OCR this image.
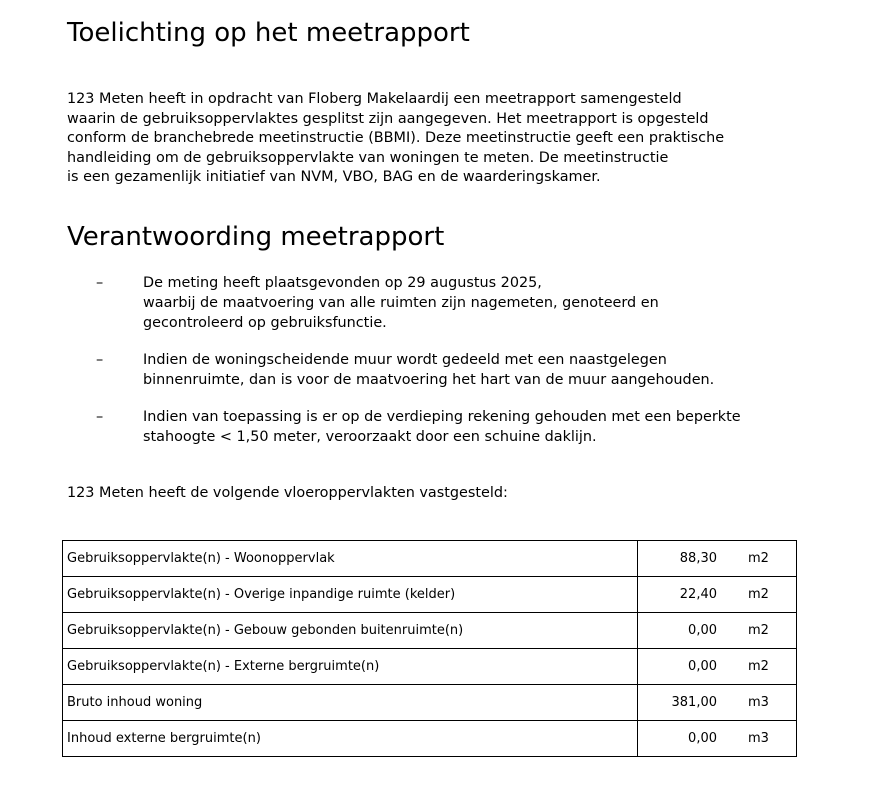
Toelichting op het meetrapport
123 Meten heeft in opdracht van Floberg Makelaardij een meetrapport samengesteld
waarin de gebruiksoppervlaktes gesplitst zijn aangegeven. Het meetrapport is opgesteld
conform de branchebrede meetinstructie (BBMI). Deze meetinstructie geeft een praktische
handleiding om de gebruiksoppervlakte van woningen te meten. De meetinstructie
is een gezamenlijk initiatief van NVM, VBO, BAG en de waarderingskamer.
Verantwoording meetrapport
–	De meting heeft plaatsgevonden op 29 augustus 2025,
waarbij de maatvoering van alle ruimten zijn nagemeten, genoteerd en
gecontroleerd op gebruiksfunctie.
–	Indien de woningscheidende muur wordt gedeeld met een naastgelegen
binnenruimte, dan is voor de maatvoering het hart van de muur aangehouden.
–	Indien van toepassing is er op de verdieping rekening gehouden met een beperkte
stahoogte < 1,50 meter, veroorzaakt door een schuine daklijn.
123 Meten heeft de volgende vloeroppervlakten vastgesteld:
Gebruiksoppervlakte(n) - Woonoppervlak	88,30 m2
Gebruiksoppervlakte(n) - Overige inpandige ruimte (kelder)	22,40 m2
Gebruiksoppervlakte(n) - Gebouw gebonden buitenruimte(n)	0,00 m2
Gebruiksoppervlakte(n) - Externe bergruimte(n)	0,00 m2
Bruto inhoud woning	381,00 m3
Inhoud externe bergruimte(n)	0,00 m3
